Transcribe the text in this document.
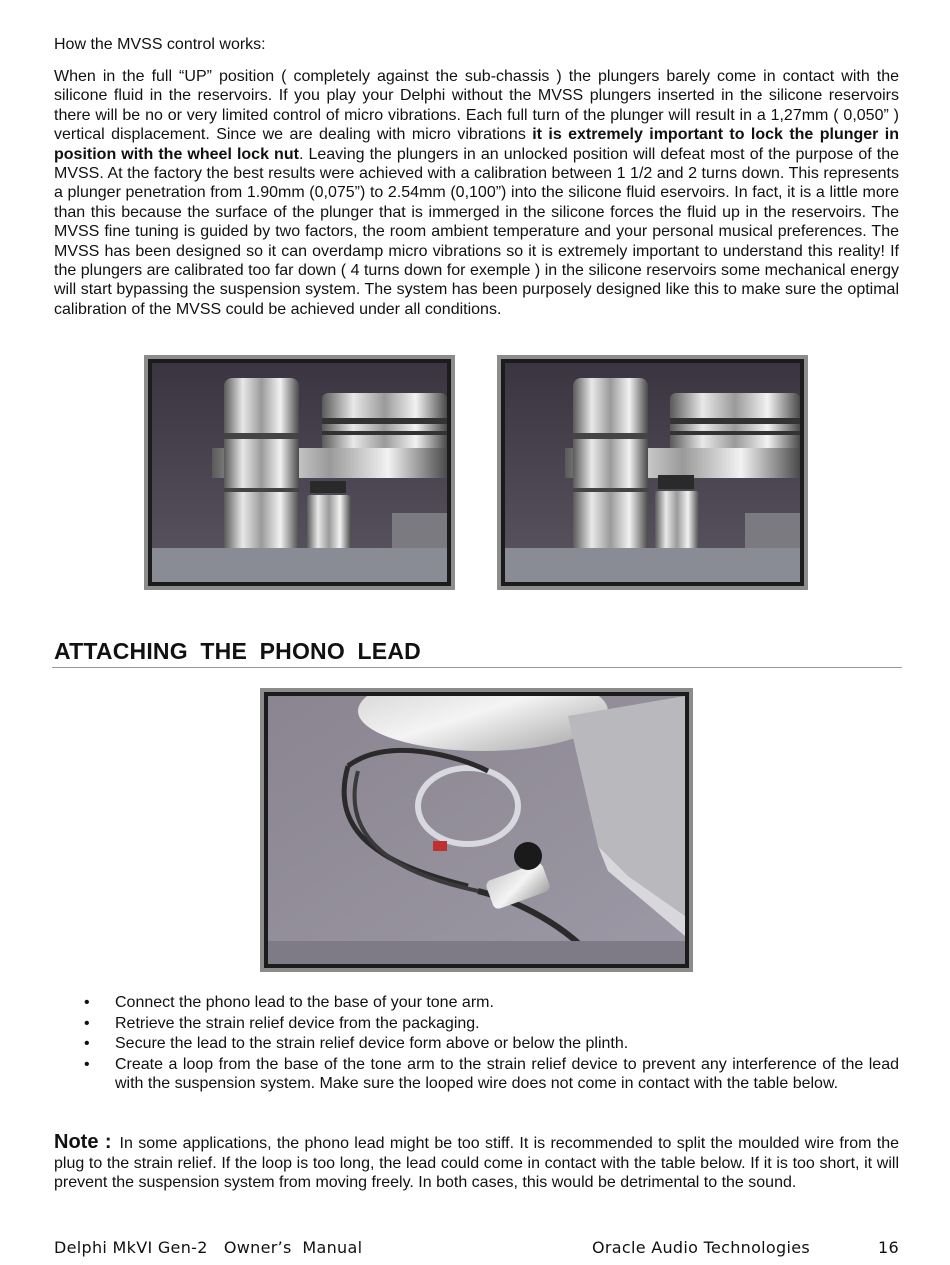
How the MVSS control works:

When in the full “UP” position ( completely against the sub-chassis ) the plungers barely come in contact with the silicone fluid in the reservoirs. If you play your Delphi without the MVSS plungers inserted in the silicone reservoirs there will be no or very limited control of micro vibrations. Each full turn of the plunger will result in a 1,27mm ( 0,050” ) vertical displacement. Since we are dealing with micro vibrations it is extremely important to lock the plunger in position with the wheel lock nut. Leaving the plungers in an unlocked position will defeat most of the purpose of the MVSS. At the factory the best results were achieved with a calibration between 1 1/2 and 2 turns down. This represents a plunger penetration from 1.90mm (0,075”) to 2.54mm (0,100”) into the silicone fluid eservoirs. In fact, it is a little more than this because the surface of the plunger that is immerged in the silicone forces the fluid up in the reservoirs. The MVSS fine tuning is guided by two factors, the room ambient temperature and your personal musical preferences. The MVSS has been designed so it can overdamp micro vibrations so it is extremely important to understand this reality! If the plungers are calibrated too far down ( 4 turns down for exemple ) in the silicone reservoirs some mechanical energy will start bypassing the suspension system. The system has been purposely designed like this to make sure the optimal calibration of the MVSS could be achieved under all conditions.

ATTACHING THE PHONO LEAD
• Connect the phono lead to the base of your tone arm.
• Retrieve the strain relief device from the packaging.
• Secure the lead to the strain relief device form above or below the plinth.
• Create a loop from the base of the tone arm to the strain relief device to prevent any interference of the lead with the suspension system. Make sure the looped wire does not come in contact with the table below.

Note : In some applications, the phono lead might be too stiff. It is recommended to split the moulded wire from the plug to the strain relief. If the loop is too long, the lead could come in contact with the table below. If it is too short, it will prevent the suspension system from moving freely. In both cases, this would be detrimental to the sound.

Delphi MkVI Gen-2   Owner’s  Manual	Oracle Audio Technologies	16
